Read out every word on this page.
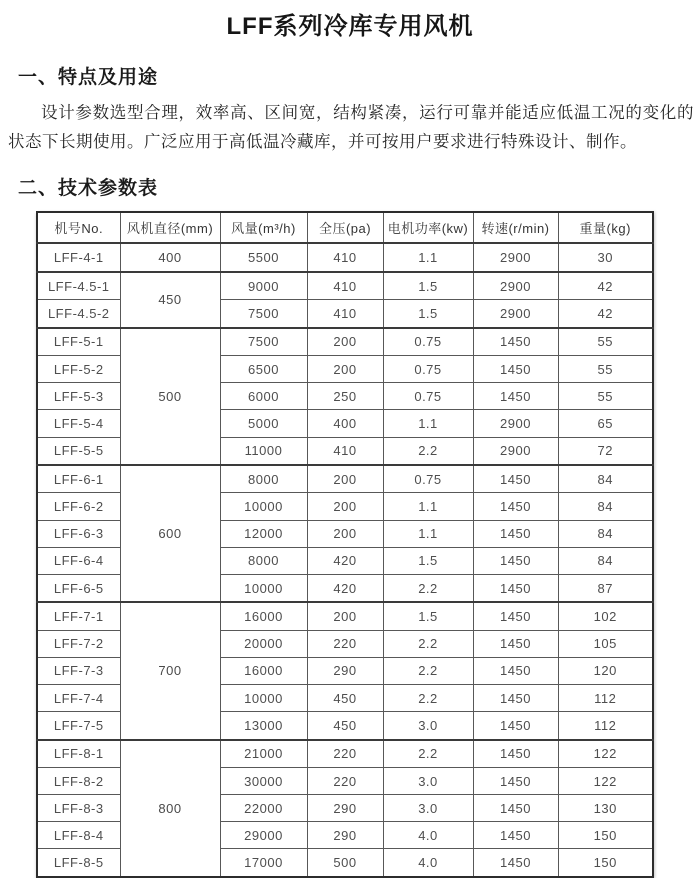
LFF系列冷库专用风机
一、特点及用途

设计参数选型合理，效率高、区间宽，结构紧凑，运行可靠并能适应低温工况的变化的状态下长期使用。广泛应用于高低温冷藏库，并可按用户要求进行特殊设计、制作。

二、技术参数表
机号No.	风机直径(mm)	风量(m³/h)	全压(pa)	电机功率(kw)	转速(r/min)	重量(kg)
LFF-4-1	400	5500	410	1.1	2900	30
LFF-4.5-1	450	9000	410	1.5	2900	42
LFF-4.5-2		7500	410	1.5	2900	42
LFF-5-1	500	7500	200	0.75	1450	55
LFF-5-2		6500	200	0.75	1450	55
LFF-5-3		6000	250	0.75	1450	55
LFF-5-4		5000	400	1.1	2900	65
LFF-5-5		11000	410	2.2	2900	72
LFF-6-1	600	8000	200	0.75	1450	84
LFF-6-2		10000	200	1.1	1450	84
LFF-6-3		12000	200	1.1	1450	84
LFF-6-4		8000	420	1.5	1450	84
LFF-6-5		10000	420	2.2	1450	87
LFF-7-1	700	16000	200	1.5	1450	102
LFF-7-2		20000	220	2.2	1450	105
LFF-7-3		16000	290	2.2	1450	120
LFF-7-4		10000	450	2.2	1450	112
LFF-7-5		13000	450	3.0	1450	112
LFF-8-1	800	21000	220	2.2	1450	122
LFF-8-2		30000	220	3.0	1450	122
LFF-8-3		22000	290	3.0	1450	130
LFF-8-4		29000	290	4.0	1450	150
LFF-8-5		17000	500	4.0	1450	150
